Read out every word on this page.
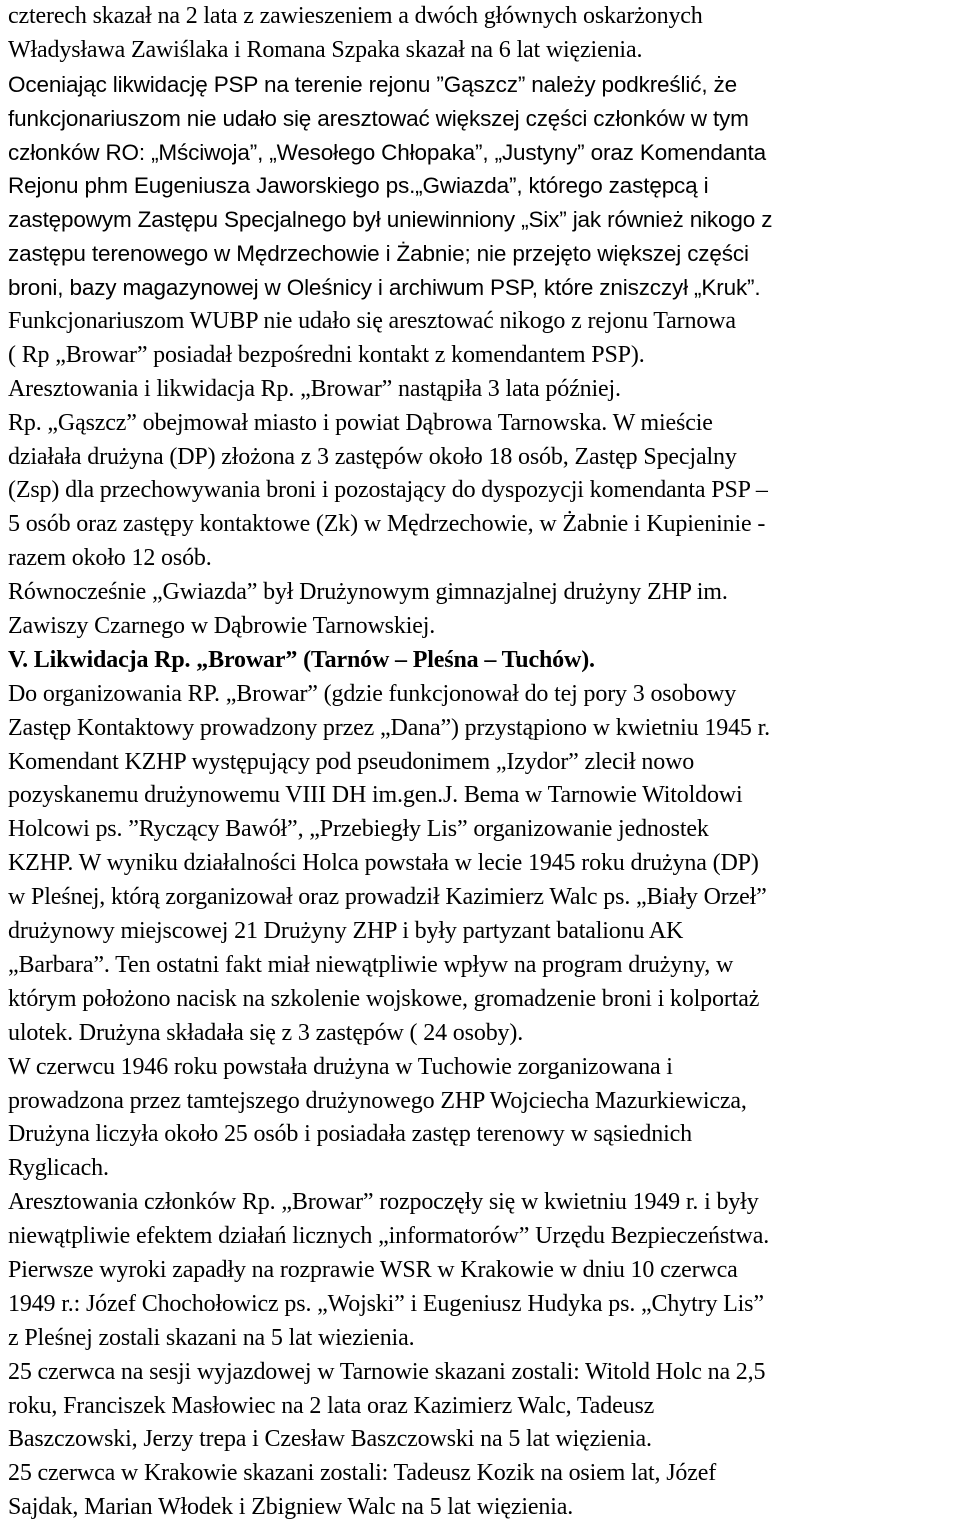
czterech skazał na 2 lata z zawieszeniem a dwóch głównych oskarżonych
Władysława Zawiślaka i Romana Szpaka skazał na 6 lat więzienia.
Oceniając likwidację PSP na terenie rejonu ”Gąszcz” należy podkreślić, że
funkcjonariuszom nie udało się aresztować większej części członków w tym
członków RO: „Mściwoja”, „Wesołego Chłopaka”, „Justyny” oraz Komendanta
Rejonu phm Eugeniusza Jaworskiego ps.„Gwiazda”, którego zastępcą i
zastępowym Zastępu Specjalnego był uniewinniony „Six” jak również nikogo z
zastępu terenowego w Mędrzechowie i Żabnie; nie przejęto większej części
broni, bazy magazynowej w Oleśnicy i archiwum PSP, które zniszczył „Kruk”.
Funkcjonariuszom WUBP nie udało się aresztować nikogo z rejonu Tarnowa
( Rp „Browar” posiadał bezpośredni kontakt z komendantem PSP).
Aresztowania i likwidacja Rp. „Browar” nastąpiła 3 lata później.
Rp. „Gąszcz” obejmował miasto i powiat Dąbrowa Tarnowska. W mieście
działała drużyna (DP) złożona z 3 zastępów około 18 osób, Zastęp Specjalny
(Zsp) dla przechowywania broni i pozostający do dyspozycji komendanta PSP –
5 osób oraz zastępy kontaktowe (Zk) w Mędrzechowie, w Żabnie i Kupieninie -
razem około 12 osób.
Równocześnie „Gwiazda” był Drużynowym gimnazjalnej drużyny ZHP im.
Zawiszy Czarnego w Dąbrowie Tarnowskiej.
V. Likwidacja Rp. „Browar” (Tarnów – Pleśna – Tuchów).
Do organizowania RP. „Browar” (gdzie funkcjonował do tej pory 3 osobowy
Zastęp Kontaktowy prowadzony przez „Dana”) przystąpiono w kwietniu 1945 r.
Komendant KZHP występujący pod pseudonimem „Izydor” zlecił nowo
pozyskanemu drużynowemu VIII DH im.gen.J. Bema w Tarnowie Witoldowi
Holcowi ps. ”Ryczący Bawół”, „Przebiegły Lis” organizowanie jednostek
KZHP. W wyniku działalności Holca powstała w lecie 1945 roku drużyna (DP)
w Pleśnej, którą zorganizował oraz prowadził Kazimierz Walc ps. „Biały Orzeł”
drużynowy miejscowej 21 Drużyny ZHP i były partyzant batalionu AK
„Barbara”. Ten ostatni fakt miał niewątpliwie wpływ na program drużyny, w
którym położono nacisk na szkolenie wojskowe, gromadzenie broni i kolportaż
ulotek. Drużyna składała się z 3 zastępów ( 24 osoby).
W czerwcu 1946 roku powstała drużyna w Tuchowie zorganizowana i
prowadzona przez tamtejszego drużynowego ZHP Wojciecha Mazurkiewicza,
Drużyna liczyła około 25 osób i posiadała zastęp terenowy w sąsiednich
Ryglicach.
Aresztowania członków Rp. „Browar” rozpoczęły się w kwietniu 1949 r. i były
niewątpliwie efektem działań licznych „informatorów” Urzędu Bezpieczeństwa.
Pierwsze wyroki zapadły na rozprawie WSR w Krakowie w dniu 10 czerwca
1949 r.: Józef Chochołowicz ps. „Wojski” i Eugeniusz Hudyka ps. „Chytry Lis”
z Pleśnej zostali skazani na 5 lat wiezienia.
25 czerwca na sesji wyjazdowej w Tarnowie skazani zostali: Witold Holc na 2,5
roku, Franciszek Masłowiec na 2 lata oraz Kazimierz Walc, Tadeusz
Baszczowski, Jerzy trepa i Czesław Baszczowski na 5 lat więzienia.
25 czerwca w Krakowie skazani zostali: Tadeusz Kozik na osiem lat, Józef
Sajdak, Marian Włodek i Zbigniew Walc na 5 lat więzienia.
